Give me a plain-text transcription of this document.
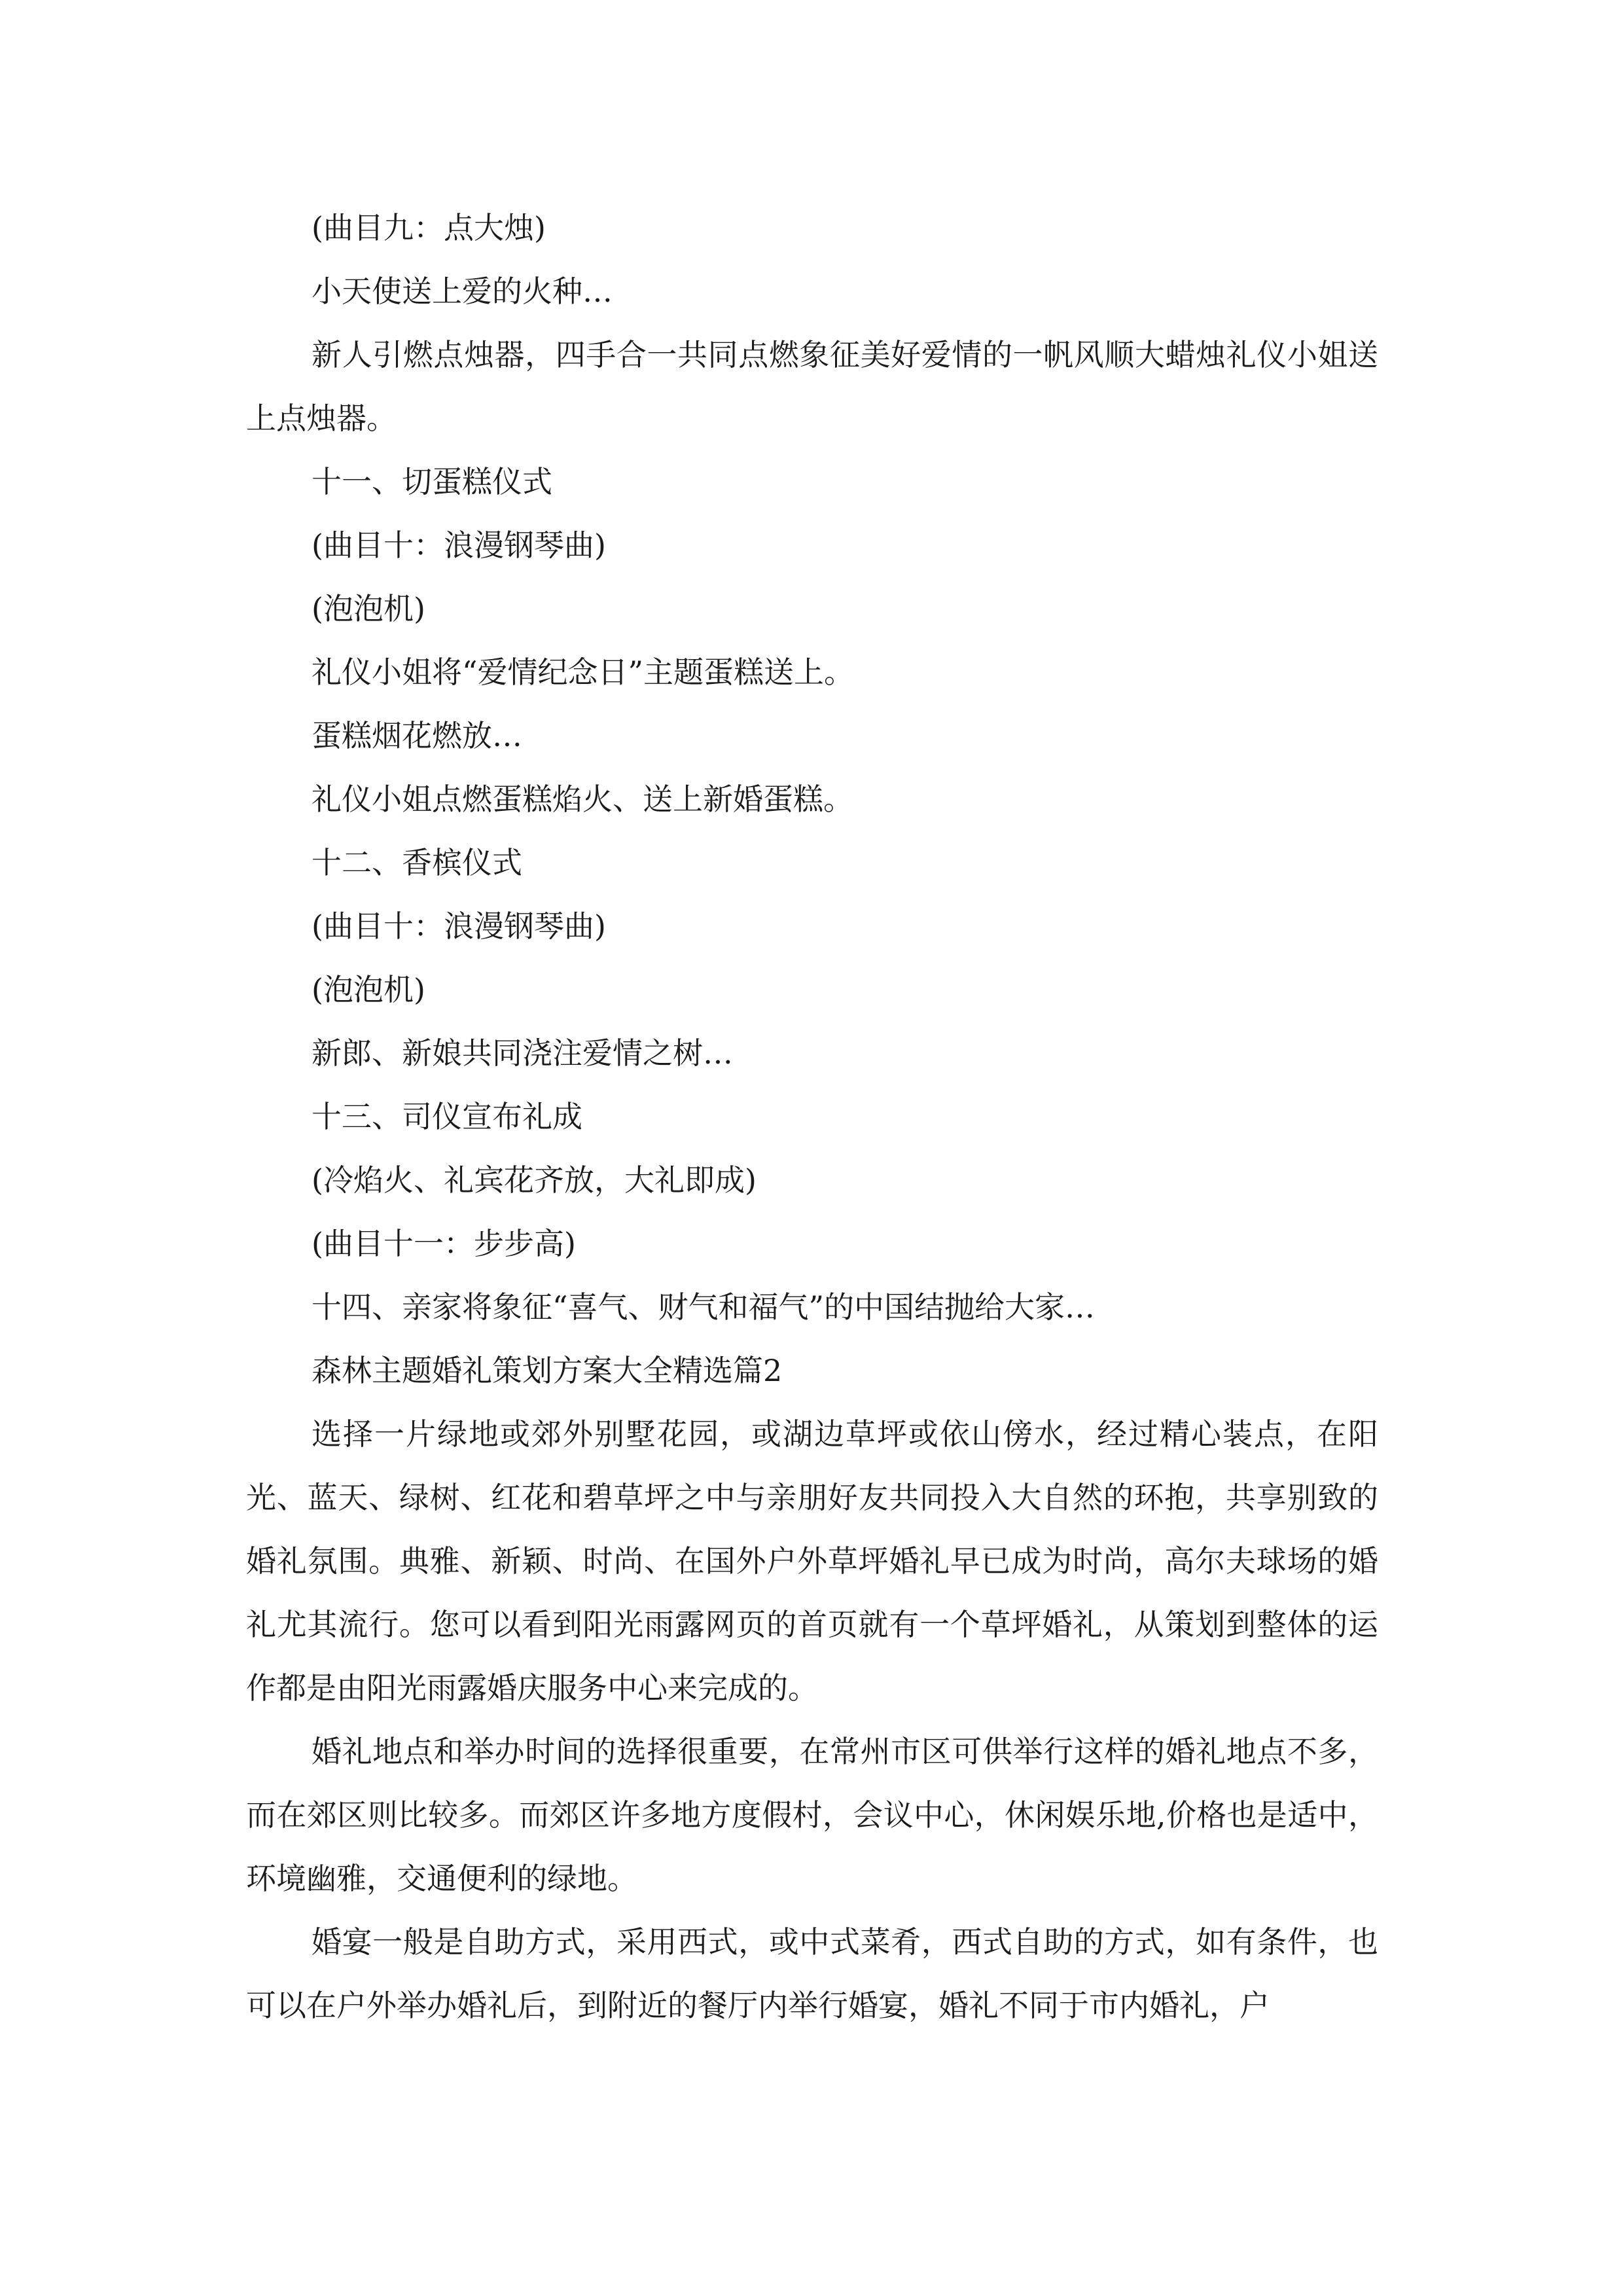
(曲目九：点大烛)
小天使送上爱的火种…

新人引燃点烛器，四手合一共同点燃象征美好爱情的一帆风顺大蜡烛礼仪小姐送上点烛器。

十一、切蛋糕仪式
(曲目十：浪漫钢琴曲)
(泡泡机)
礼仪小姐将“爱情纪念日”主题蛋糕送上。
蛋糕烟花燃放…
礼仪小姐点燃蛋糕焰火、送上新婚蛋糕。
十二、香槟仪式
(曲目十：浪漫钢琴曲)
(泡泡机)
新郎、新娘共同浇注爱情之树…
十三、司仪宣布礼成
(冷焰火、礼宾花齐放，大礼即成)
(曲目十一：步步高)
十四、亲家将象征“喜气、财气和福气”的中国结抛给大家…
森林主题婚礼策划方案大全精选篇2

选择一片绿地或郊外别墅花园，或湖边草坪或依山傍水，经过精心装点，在阳光、蓝天、绿树、红花和碧草坪之中与亲朋好友共同投入大自然的环抱，共享别致的婚礼氛围。典雅、新颖、时尚、在国外户外草坪婚礼早已成为时尚，高尔夫球场的婚礼尤其流行。您可以看到阳光雨露网页的首页就有一个草坪婚礼，从策划到整体的运作都是由阳光雨露婚庆服务中心来完成的。

婚礼地点和举办时间的选择很重要，在常州市区可供举行这样的婚礼地点不多，而在郊区则比较多。而郊区许多地方度假村，会议中心，休闲娱乐地,价格也是适中，环境幽雅，交通便利的绿地。

婚宴一般是自助方式，采用西式，或中式菜肴，西式自助的方式，如有条件，也可以在户外举办婚礼后，到附近的餐厅内举行婚宴，婚礼不同于市内婚礼，户
